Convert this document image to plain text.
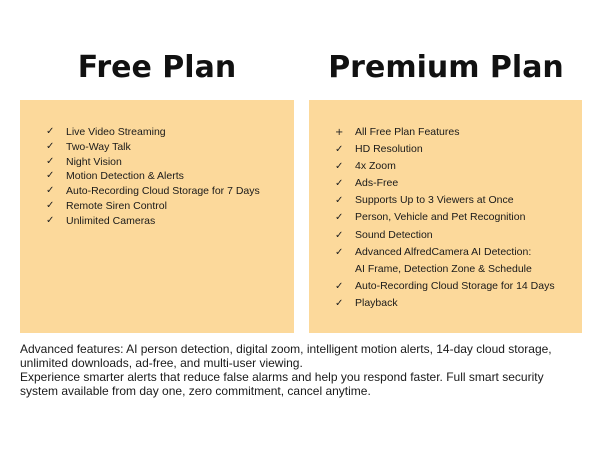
Free Plan	Premium Plan
✓	Live Video Streaming
✓	Two-Way Talk
✓	Night Vision
✓	Motion Detection & Alerts
✓	Auto-Recording Cloud Storage for 7 Days
✓	Remote Siren Control
✓	Unlimited Cameras
+	All Free Plan Features
✓	HD Resolution
✓	4x Zoom
✓	Ads-Free
✓	Supports Up to 3 Viewers at Once
✓	Person, Vehicle and Pet Recognition
✓	Sound Detection
✓	Advanced AlfredCamera AI Detection:
AI Frame, Detection Zone & Schedule
✓	Auto-Recording Cloud Storage for 14 Days
✓	Playback

Advanced features: AI person detection, digital zoom, intelligent motion alerts, 14-day cloud storage, unlimited downloads, ad-free, and multi-user viewing.

Experience smarter alerts that reduce false alarms and help you respond faster. Full smart security system available from day one, zero commitment, cancel anytime.
